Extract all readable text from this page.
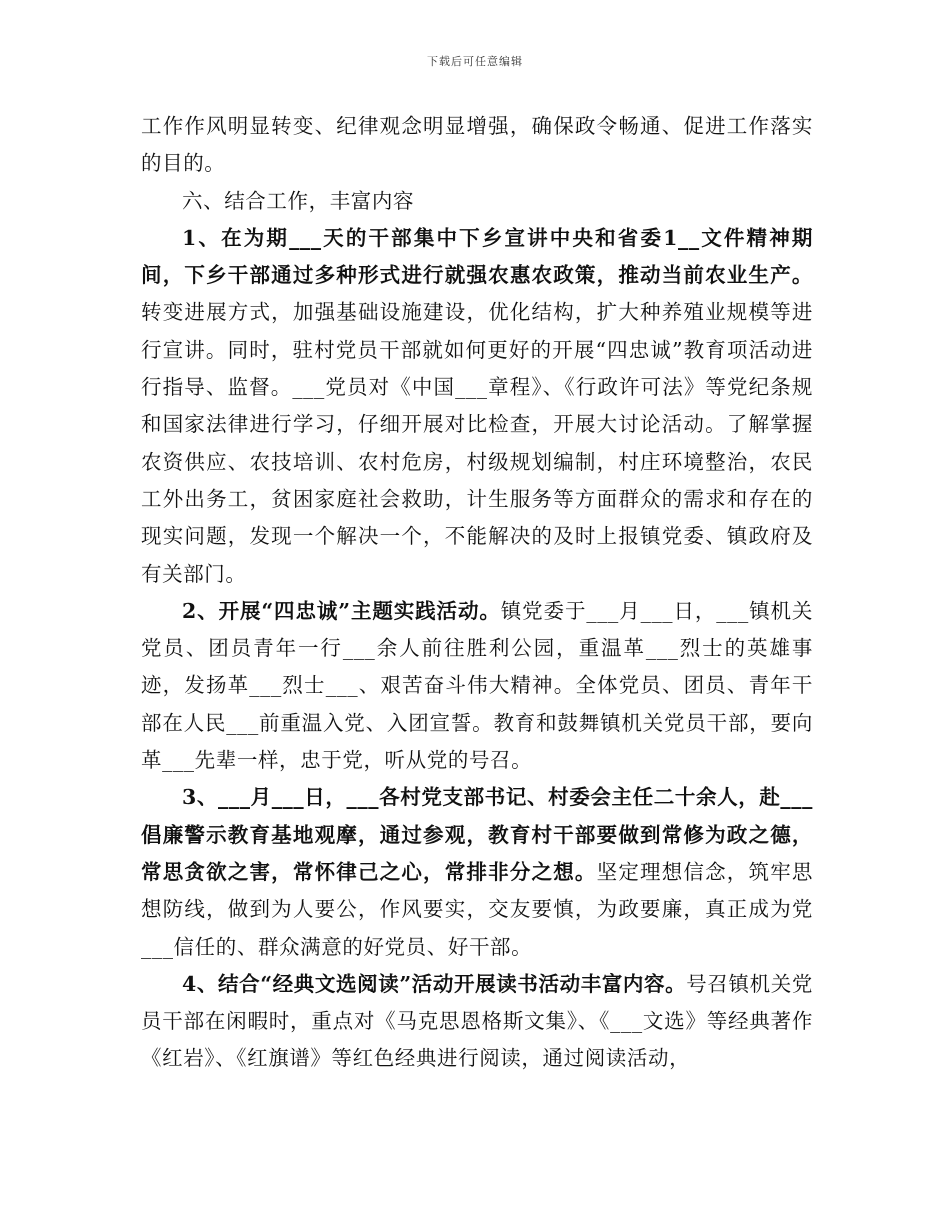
下载后可任意编辑

工作作风明显转变、纪律观念明显增强，确保政令畅通、促进工作落实的目的。

六、结合工作，丰富内容

1、在为期___天的干部集中下乡宣讲中央和省委1__文件精神期间，下乡干部通过多种形式进行就强农惠农政策，推动当前农业生产。转变进展方式，加强基础设施建设，优化结构，扩大种养殖业规模等进行宣讲。同时，驻村党员干部就如何更好的开展“四忠诚”教育项活动进行指导、监督。___党员对《中国___章程》、《行政许可法》等党纪条规和国家法律进行学习，仔细开展对比检查，开展大讨论活动。了解掌握农资供应、农技培训、农村危房，村级规划编制，村庄环境整治，农民工外出务工，贫困家庭社会救助，计生服务等方面群众的需求和存在的现实问题，发现一个解决一个，不能解决的及时上报镇党委、镇政府及有关部门。

2、开展“四忠诚”主题实践活动。镇党委于___月___日，___镇机关党员、团员青年一行___余人前往胜利公园，重温革___烈士的英雄事迹，发扬革___烈士___、艰苦奋斗伟大精神。全体党员、团员、青年干部在人民___前重温入党、入团宣誓。教育和鼓舞镇机关党员干部，要向革___先辈一样，忠于党，听从党的号召。

3、___月___日，___各村党支部书记、村委会主任二十余人，赴___倡廉警示教育基地观摩，通过参观，教育村干部要做到常修为政之德，常思贪欲之害，常怀律己之心，常排非分之想。坚定理想信念，筑牢思想防线，做到为人要公，作风要实，交友要慎，为政要廉，真正成为党___信任的、群众满意的好党员、好干部。

4、结合“经典文选阅读”活动开展读书活动丰富内容。号召镇机关党员干部在闲暇时，重点对《马克思恩格斯文集》、《___文选》等经典著作《红岩》、《红旗谱》等红色经典进行阅读，通过阅读活动，
